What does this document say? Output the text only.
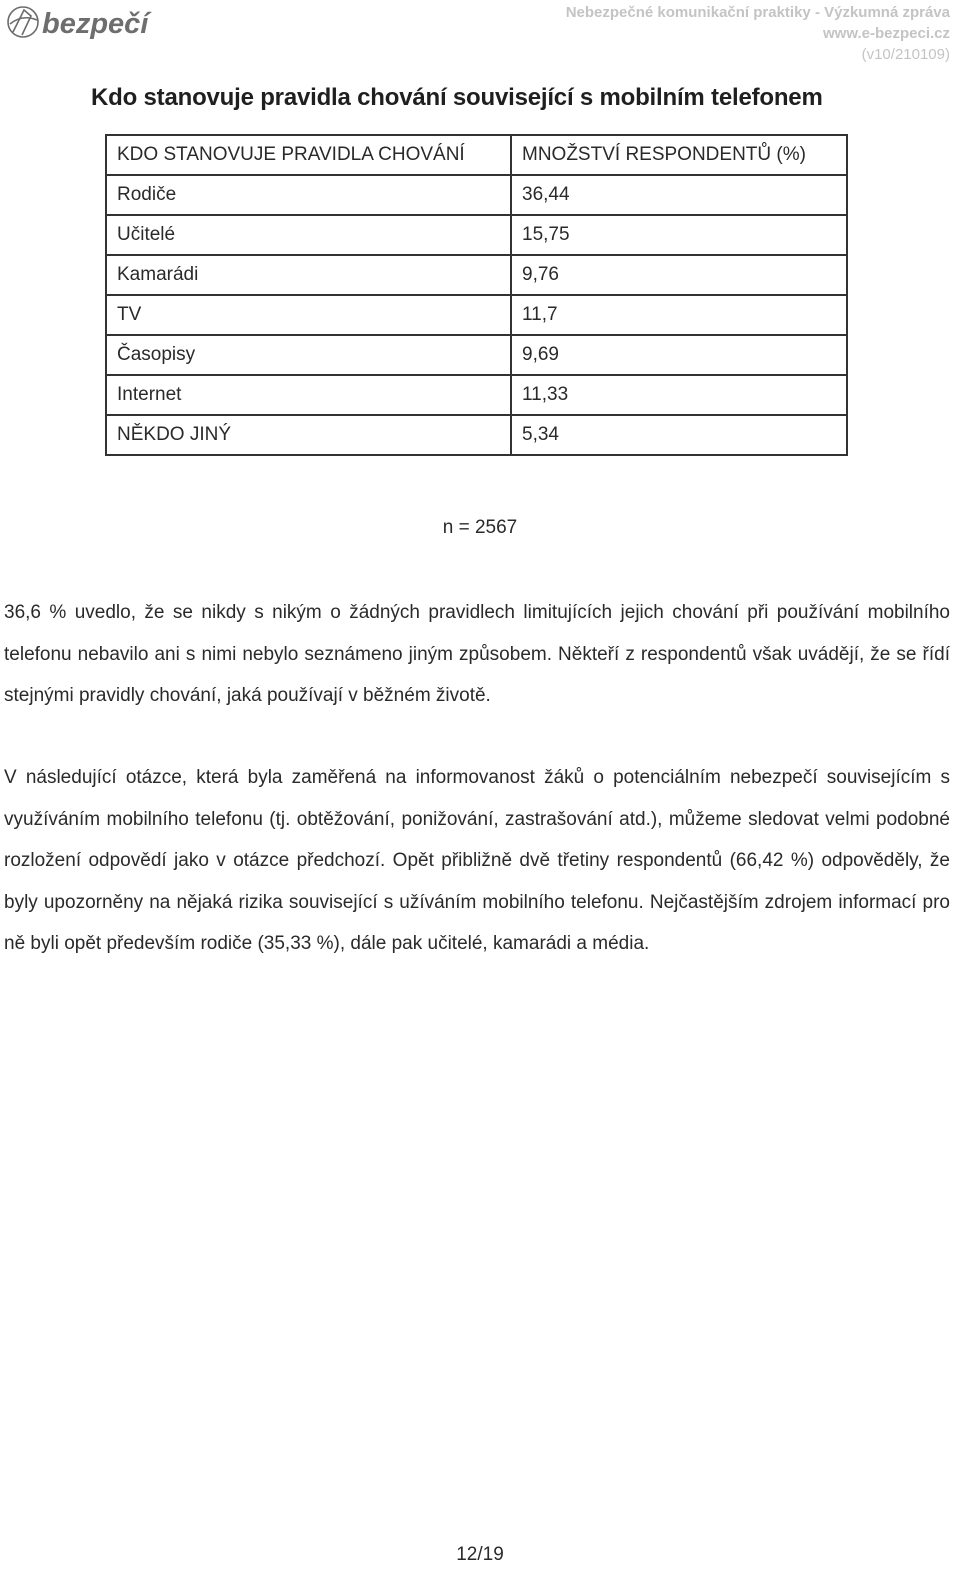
bezpečí	Nebezpečné komunikační praktiky - Výzkumná zpráva
www.e-bezpeci.cz
(v10/210109)
Kdo stanovuje pravidla chování související s mobilním telefonem
KDO STANOVUJE PRAVIDLA CHOVÁNÍ	MNOŽSTVÍ RESPONDENTŮ (%)
Rodiče	36,44
Učitelé	15,75
Kamarádi	9,76
TV	11,7
Časopisy	9,69
Internet	11,33
NĚKDO JINÝ	5,34
n = 2567

36,6 % uvedlo, že se nikdy s nikým o žádných pravidlech limitujících jejich chování při používání mobilního telefonu nebavilo ani s nimi nebylo seznámeno jiným způsobem. Někteří z respondentů však uvádějí, že se řídí stejnými pravidly chování, jaká používají v běžném životě.

V následující otázce, která byla zaměřená na informovanost žáků o potenciálním nebezpečí souvisejícím s využíváním mobilního telefonu (tj. obtěžování, ponižování, zastrašování atd.), můžeme sledovat velmi podobné rozložení odpovědí jako v otázce předchozí. Opět přibližně dvě třetiny respondentů (66,42 %) odpověděly, že byly upozorněny na nějaká rizika související s užíváním mobilního telefonu. Nejčastějším zdrojem informací pro ně byli opět především rodiče (35,33 %), dále pak učitelé, kamarádi a média.

12/19
